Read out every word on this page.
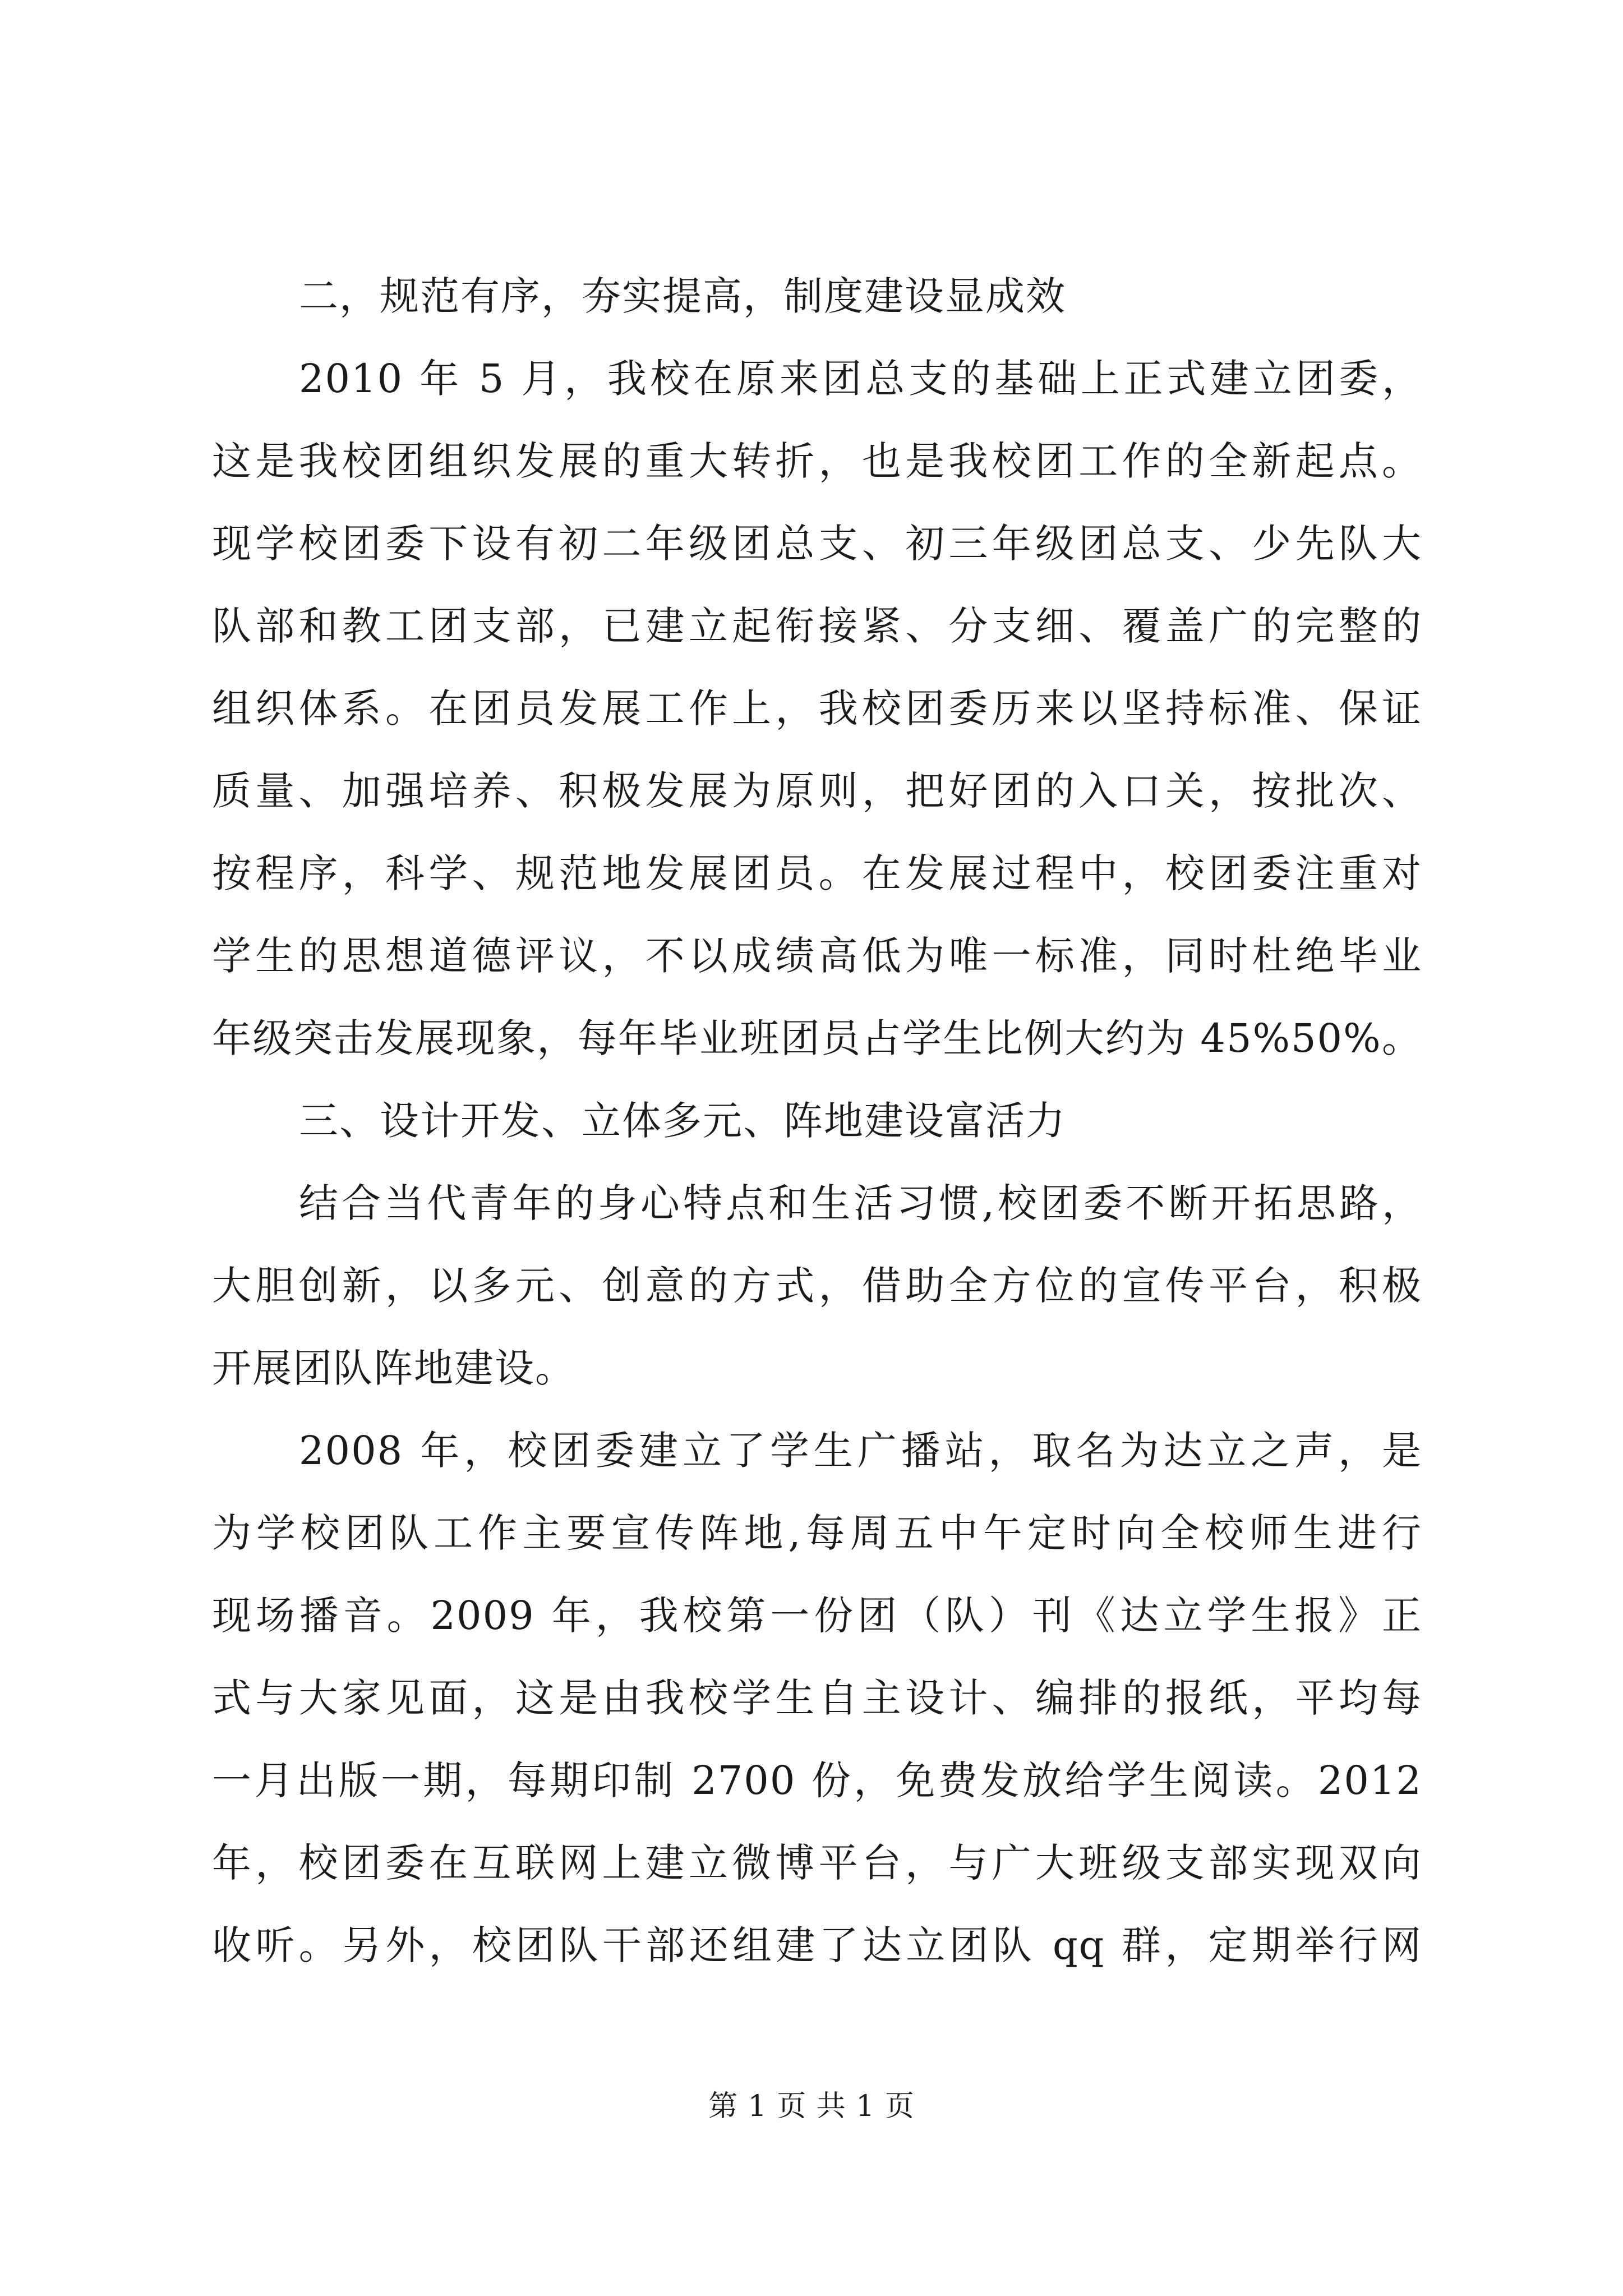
二，规范有序，夯实提高，制度建设显成效
2010 年 5 月，我校在原来团总支的基础上正式建立团委，
这是我校团组织发展的重大转折，也是我校团工作的全新起点。
现学校团委下设有初二年级团总支、初三年级团总支、少先队大
队部和教工团支部，已建立起衔接紧、分支细、覆盖广的完整的
组织体系。在团员发展工作上，我校团委历来以坚持标准、保证
质量、加强培养、积极发展为原则，把好团的入口关，按批次、
按程序，科学、规范地发展团员。在发展过程中，校团委注重对
学生的思想道德评议，不以成绩高低为唯一标准，同时杜绝毕业
年级突击发展现象，每年毕业班团员占学生比例大约为 45%50%。
三、设计开发、立体多元、阵地建设富活力
结合当代青年的身心特点和生活习惯,校团委不断开拓思路，
大胆创新，以多元、创意的方式，借助全方位的宣传平台，积极
开展团队阵地建设。
2008 年，校团委建立了学生广播站，取名为达立之声，是
为学校团队工作主要宣传阵地,每周五中午定时向全校师生进行
现场播音。2009 年，我校第一份团（队）刊《达立学生报》正
式与大家见面，这是由我校学生自主设计、编排的报纸，平均每
一月出版一期，每期印制 2700 份，免费发放给学生阅读。2012
年，校团委在互联网上建立微博平台，与广大班级支部实现双向
收听。另外，校团队干部还组建了达立团队 qq 群，定期举行网
第 1 页 共 1 页
